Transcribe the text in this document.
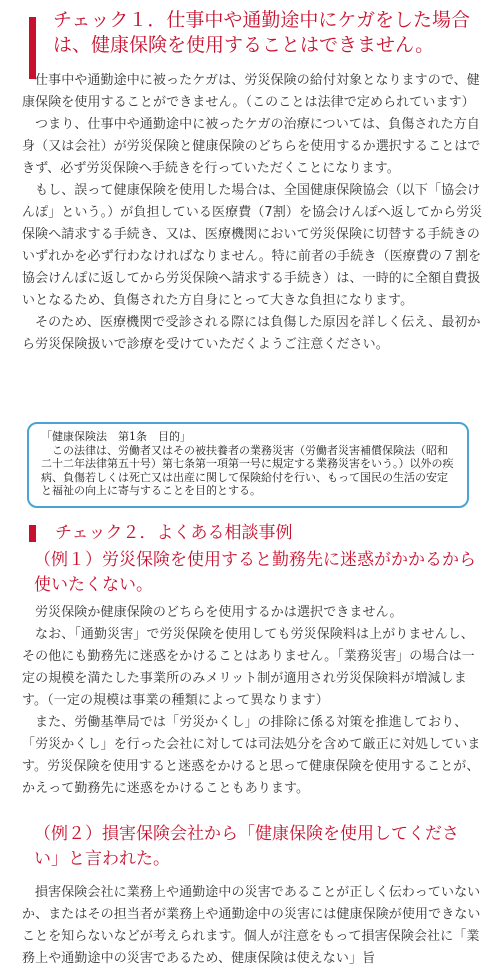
チェック１．仕事中や通勤途中にケガをした場合は、健康保険を使用することはできません。

仕事中や通勤途中に被ったケガは、労災保険の給付対象となりますので、健康保険を使用することができません。（このことは法律で定められています）

つまり、仕事中や通勤途中に被ったケガの治療については、負傷された方自身（又は会社）が労災保険と健康保険のどちらを使用するか選択することはできず、必ず労災保険へ手続きを行っていただくことになります。

もし、誤って健康保険を使用した場合は、全国健康保険協会（以下「協会けんぽ」という。）が負担している医療費（7割）を協会けんぽへ返してから労災保険へ請求する手続き、又は、医療機関において労災保険に切替する手続きのいずれかを必ず行わなければなりません。特に前者の手続き（医療費の７割を協会けんぽに返してから労災保険へ請求する手続き）は、一時的に全額自費扱いとなるため、負傷された方自身にとって大きな負担になります。

そのため、医療機関で受診される際には負傷した原因を詳しく伝え、最初から労災保険扱いで診療を受けていただくようご注意ください。

「健康保険法　第1条　目的」

この法律は、労働者又はその被扶養者の業務災害（労働者災害補償保険法（昭和二十二年法律第五十号）第七条第一項第一号に規定する業務災害をいう。）以外の疾病、負傷若しくは死亡又は出産に関して保険給付を行い、もって国民の生活の安定と福祉の向上に寄与することを目的とする。

チェック２．よくある相談事例
（例１）労災保険を使用すると勤務先に迷惑がかかるから使いたくない。

労災保険か健康保険のどちらを使用するかは選択できません。

なお、「通勤災害」で労災保険を使用しても労災保険料は上がりませんし、その他にも勤務先に迷惑をかけることはありません。「業務災害」の場合は一定の規模を満たした事業所のみメリット制が適用され労災保険料が増減します。（一定の規模は事業の種類によって異なります）

また、労働基準局では「労災かくし」の排除に係る対策を推進しており、「労災かくし」を行った会社に対しては司法処分を含めて厳正に対処しています。労災保険を使用すると迷惑をかけると思って健康保険を使用することが、かえって勤務先に迷惑をかけることもあります。

（例２）損害保険会社から「健康保険を使用してください」と言われた。

損害保険会社に業務上や通勤途中の災害であることが正しく伝わっていないか、またはその担当者が業務上や通勤途中の災害には健康保険が使用できないことを知らないなどが考えられます。個人が注意をもって損害保険会社に「業務上や通勤途中の災害であるため、健康保険は使えない」旨
